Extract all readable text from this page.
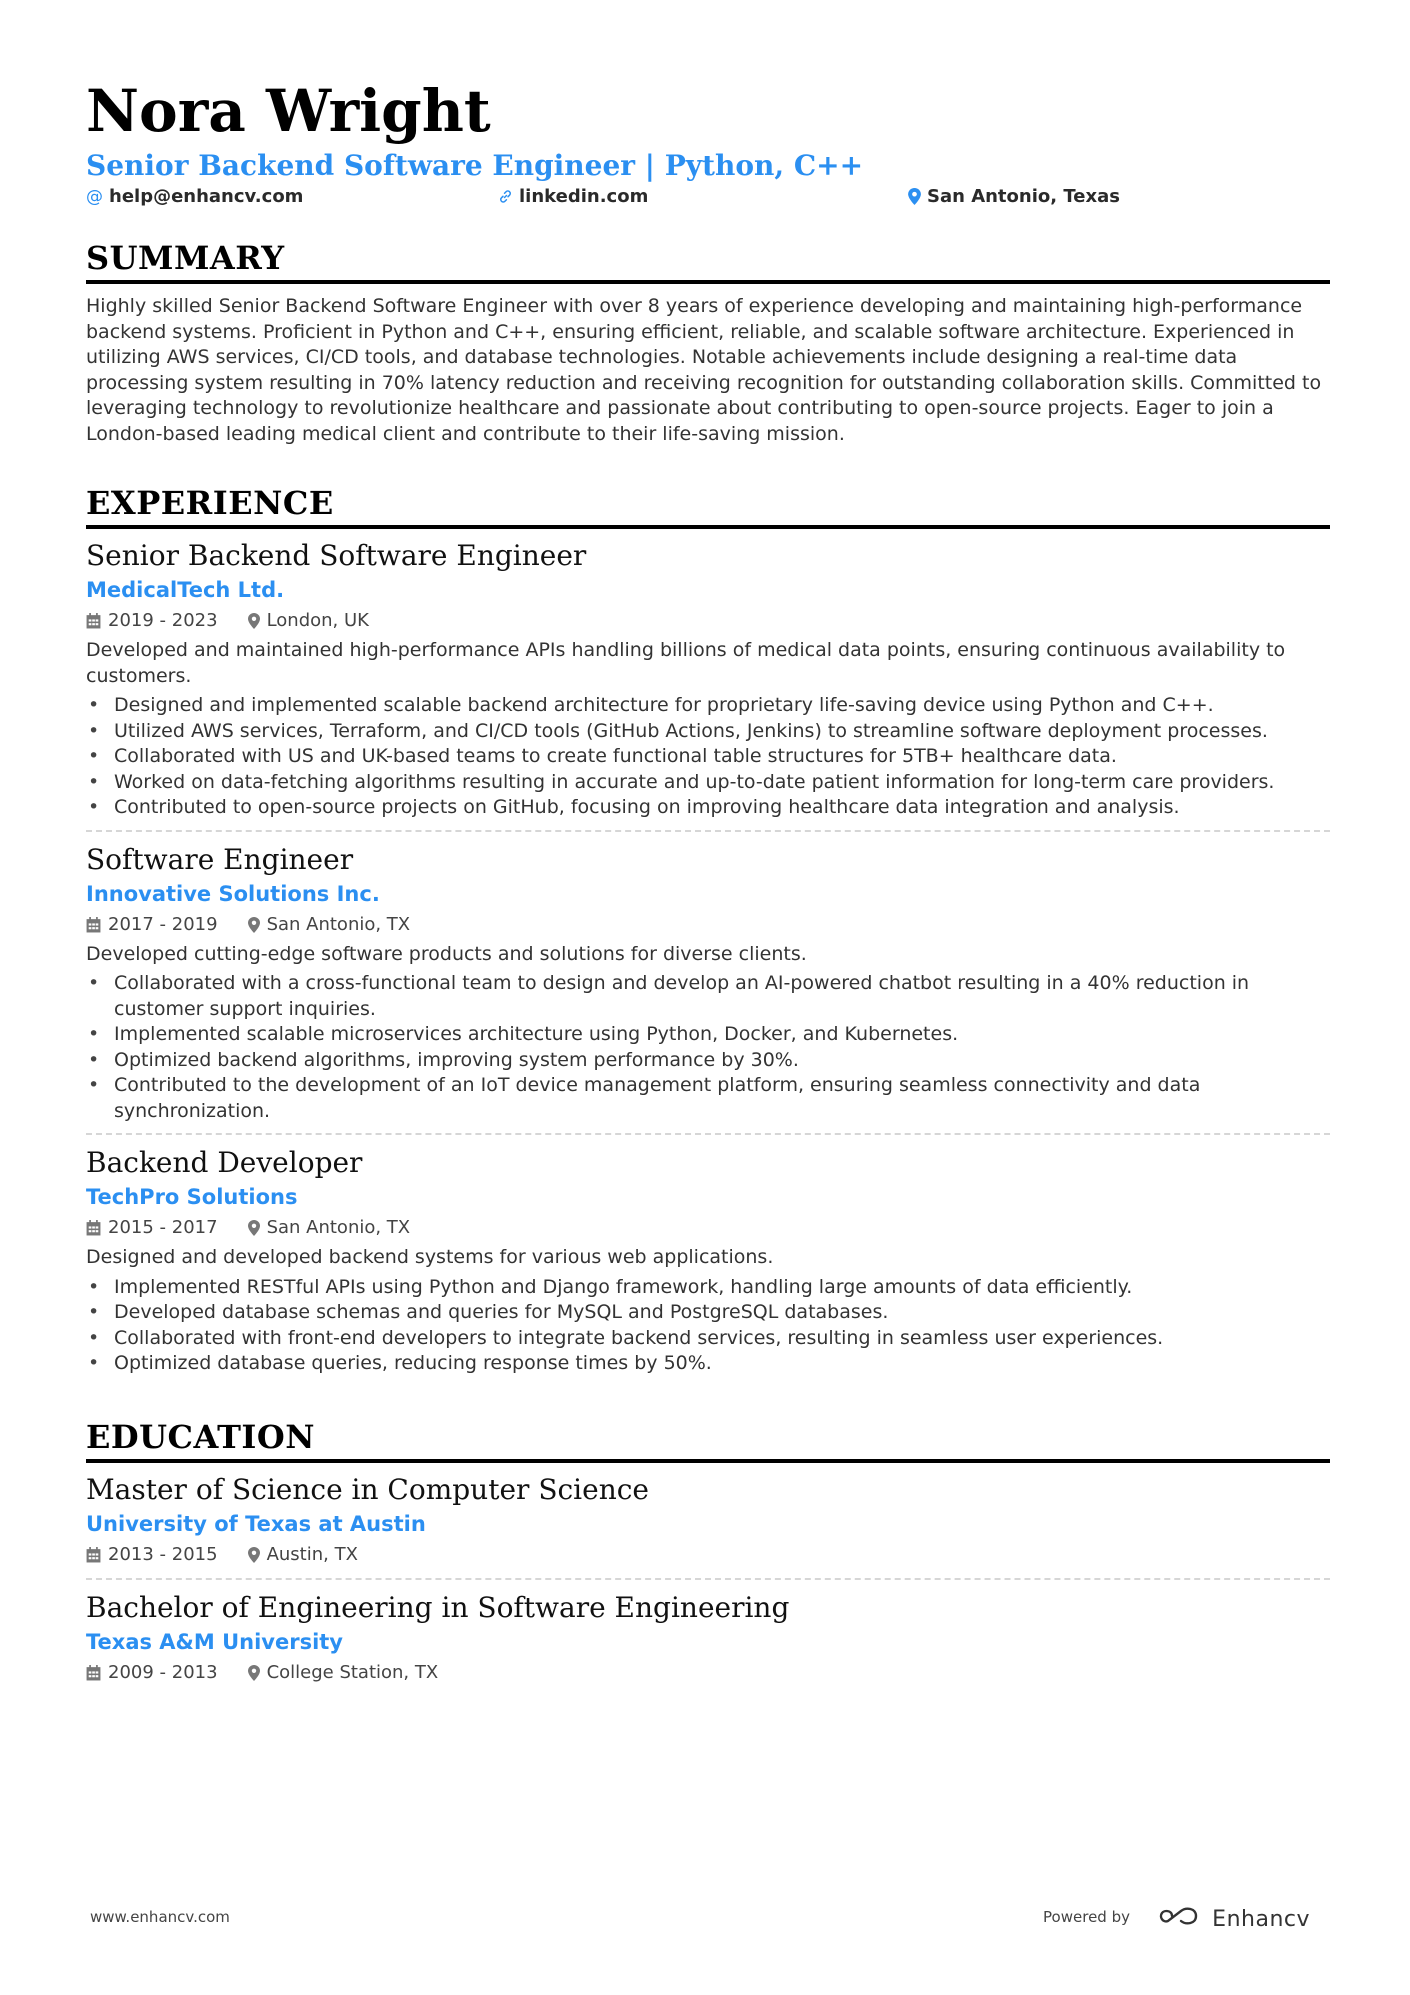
Nora Wright
Senior Backend Software Engineer | Python, C++
@ help@enhancv.com	linkedin.com	San Antonio, Texas
SUMMARY
Highly skilled Senior Backend Software Engineer with over 8 years of experience developing and maintaining high-performance backend systems. Proficient in Python and C++, ensuring efficient, reliable, and scalable software architecture. Experienced in utilizing AWS services, CI/CD tools, and database technologies. Notable achievements include designing a real-time data processing system resulting in 70% latency reduction and receiving recognition for outstanding collaboration skills. Committed to leveraging technology to revolutionize healthcare and passionate about contributing to open-source projects. Eager to join a London-based leading medical client and contribute to their life-saving mission.
EXPERIENCE
Senior Backend Software Engineer
MedicalTech Ltd.
2019 - 2023	London, UK
Developed and maintained high-performance APIs handling billions of medical data points, ensuring continuous availability to customers.
• Designed and implemented scalable backend architecture for proprietary life-saving device using Python and C++.
• Utilized AWS services, Terraform, and CI/CD tools (GitHub Actions, Jenkins) to streamline software deployment processes.
• Collaborated with US and UK-based teams to create functional table structures for 5TB+ healthcare data.
• Worked on data-fetching algorithms resulting in accurate and up-to-date patient information for long-term care providers.
• Contributed to open-source projects on GitHub, focusing on improving healthcare data integration and analysis.
Software Engineer
Innovative Solutions Inc.
2017 - 2019	San Antonio, TX
Developed cutting-edge software products and solutions for diverse clients.
• Collaborated with a cross-functional team to design and develop an AI-powered chatbot resulting in a 40% reduction in customer support inquiries.
• Implemented scalable microservices architecture using Python, Docker, and Kubernetes.
• Optimized backend algorithms, improving system performance by 30%.
• Contributed to the development of an IoT device management platform, ensuring seamless connectivity and data synchronization.
Backend Developer
TechPro Solutions
2015 - 2017	San Antonio, TX
Designed and developed backend systems for various web applications.
• Implemented RESTful APIs using Python and Django framework, handling large amounts of data efficiently.
• Developed database schemas and queries for MySQL and PostgreSQL databases.
• Collaborated with front-end developers to integrate backend services, resulting in seamless user experiences.
• Optimized database queries, reducing response times by 50%.
EDUCATION
Master of Science in Computer Science
University of Texas at Austin
2013 - 2015	Austin, TX
Bachelor of Engineering in Software Engineering
Texas A&M University
2009 - 2013	College Station, TX
www.enhancv.com	Powered by	Enhancv
